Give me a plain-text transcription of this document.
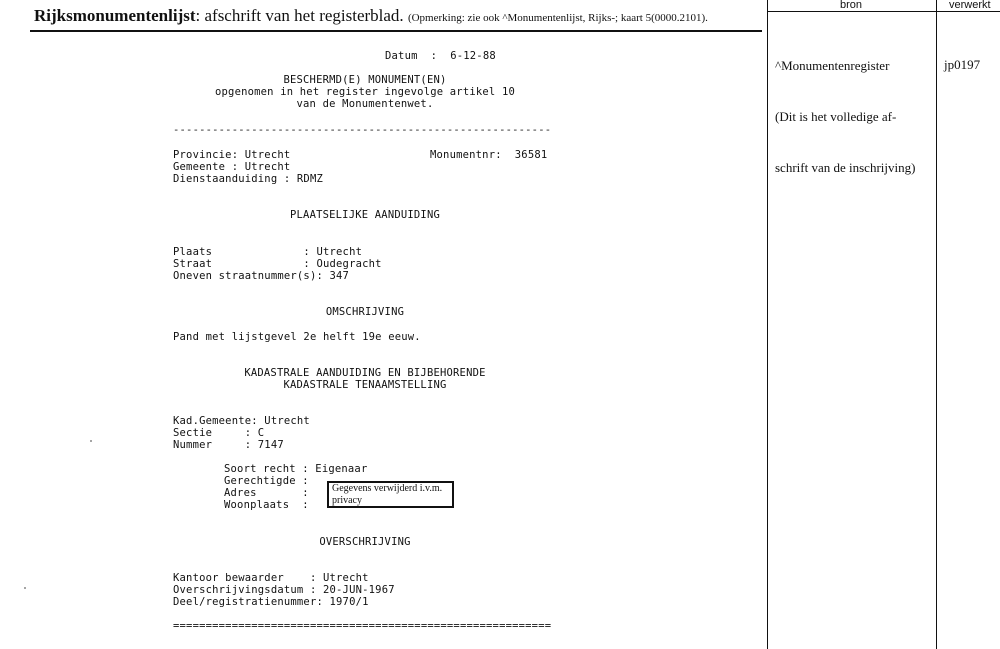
Rijksmonumentenlijst: afschrift van het registerblad. (Opmerking: zie ook ^Monumentenlijst, Rijks-; kaart 5(0000.2101).
bron	verwerkt

^Monumentenregister

(Dit is het volledige af-

schrift van de inschrijving)

jp0197
Datum  :  6-12-88
BESCHERMD(E) MONUMENT(EN)
opgenomen in het register ingevolge artikel 10
van de Monumentenwet.
----------------------------------------------------------
Provincie: Utrecht	Monumentnr:  36581
Gemeente : Utrecht
Dienstaanduiding : RDMZ
PLAATSELIJKE AANDUIDING
Plaats              : Utrecht
Straat              : Oudegracht
Oneven straatnummer(s): 347
OMSCHRIJVING
Pand met lijstgevel 2e helft 19e eeuw.
KADASTRALE AANDUIDING EN BIJBEHORENDE
KADASTRALE TENAAMSTELLING
Kad.Gemeente: Utrecht
Sectie     : C
Nummer     : 7147
Soort recht : Eigenaar
Gerechtigde :
Adres       :
Woonplaats  :
Gegevens verwijderd i.v.m.
privacy
OVERSCHRIJVING
Kantoor bewaarder    : Utrecht
Overschrijvingsdatum : 20-JUN-1967
Deel/registratienummer: 1970/1
==========================================================
